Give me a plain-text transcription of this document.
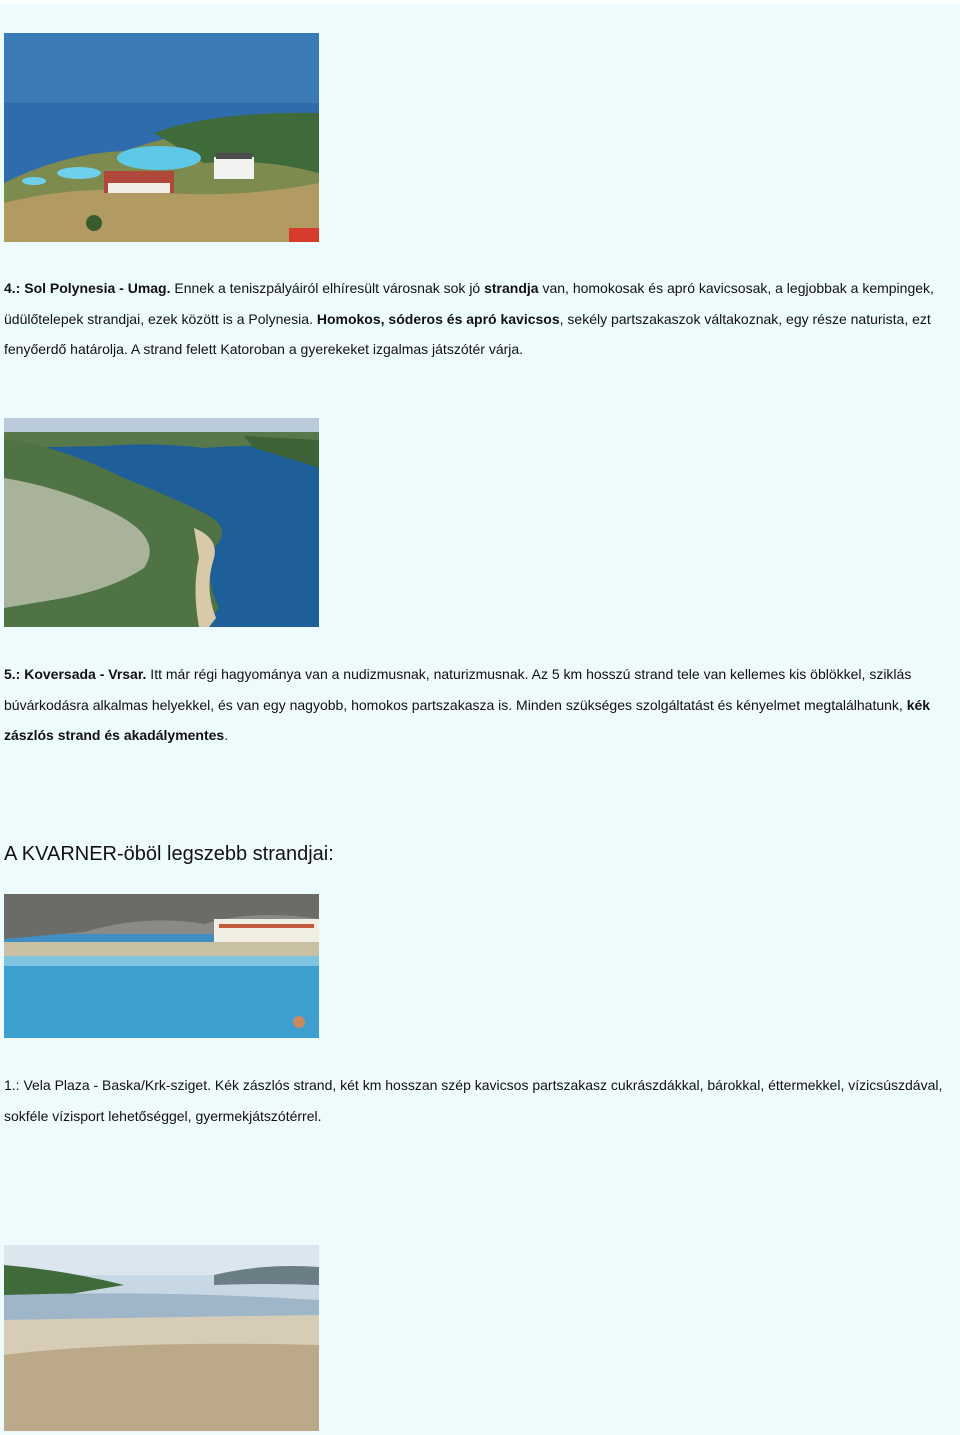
4.: Sol Polynesia - Umag. Ennek a teniszpályáiról elhíresült városnak sok jó strandja van, homokosak és apró kavicsosak, a legjobbak a kempingek, üdülőtelepek strandjai, ezek között is a Polynesia. Homokos, sóderos és apró kavicsos, sekély partszakaszok váltakoznak, egy része naturista, ezt fenyőerdő határolja. A strand felett Katoroban a gyerekeket izgalmas játszótér várja.

5.: Koversada - Vrsar. Itt már régi hagyománya van a nudizmusnak, naturizmusnak. Az 5 km hosszú strand tele van kellemes kis öblökkel, sziklás búvárkodásra alkalmas helyekkel, és van egy nagyobb, homokos partszakasza is. Minden szükséges szolgáltatást és kényelmet megtalálhatunk, kék zászlós strand és akadálymentes.

A KVARNER-öböl legszebb strandjai:

1.: Vela Plaza - Baska/Krk-sziget. Kék zászlós strand, két km hosszan szép kavicsos partszakasz cukrászdákkal, bárokkal, éttermekkel, vízicsúszdával, sokféle vízisport lehetőséggel, gyermekjátszótérrel.
